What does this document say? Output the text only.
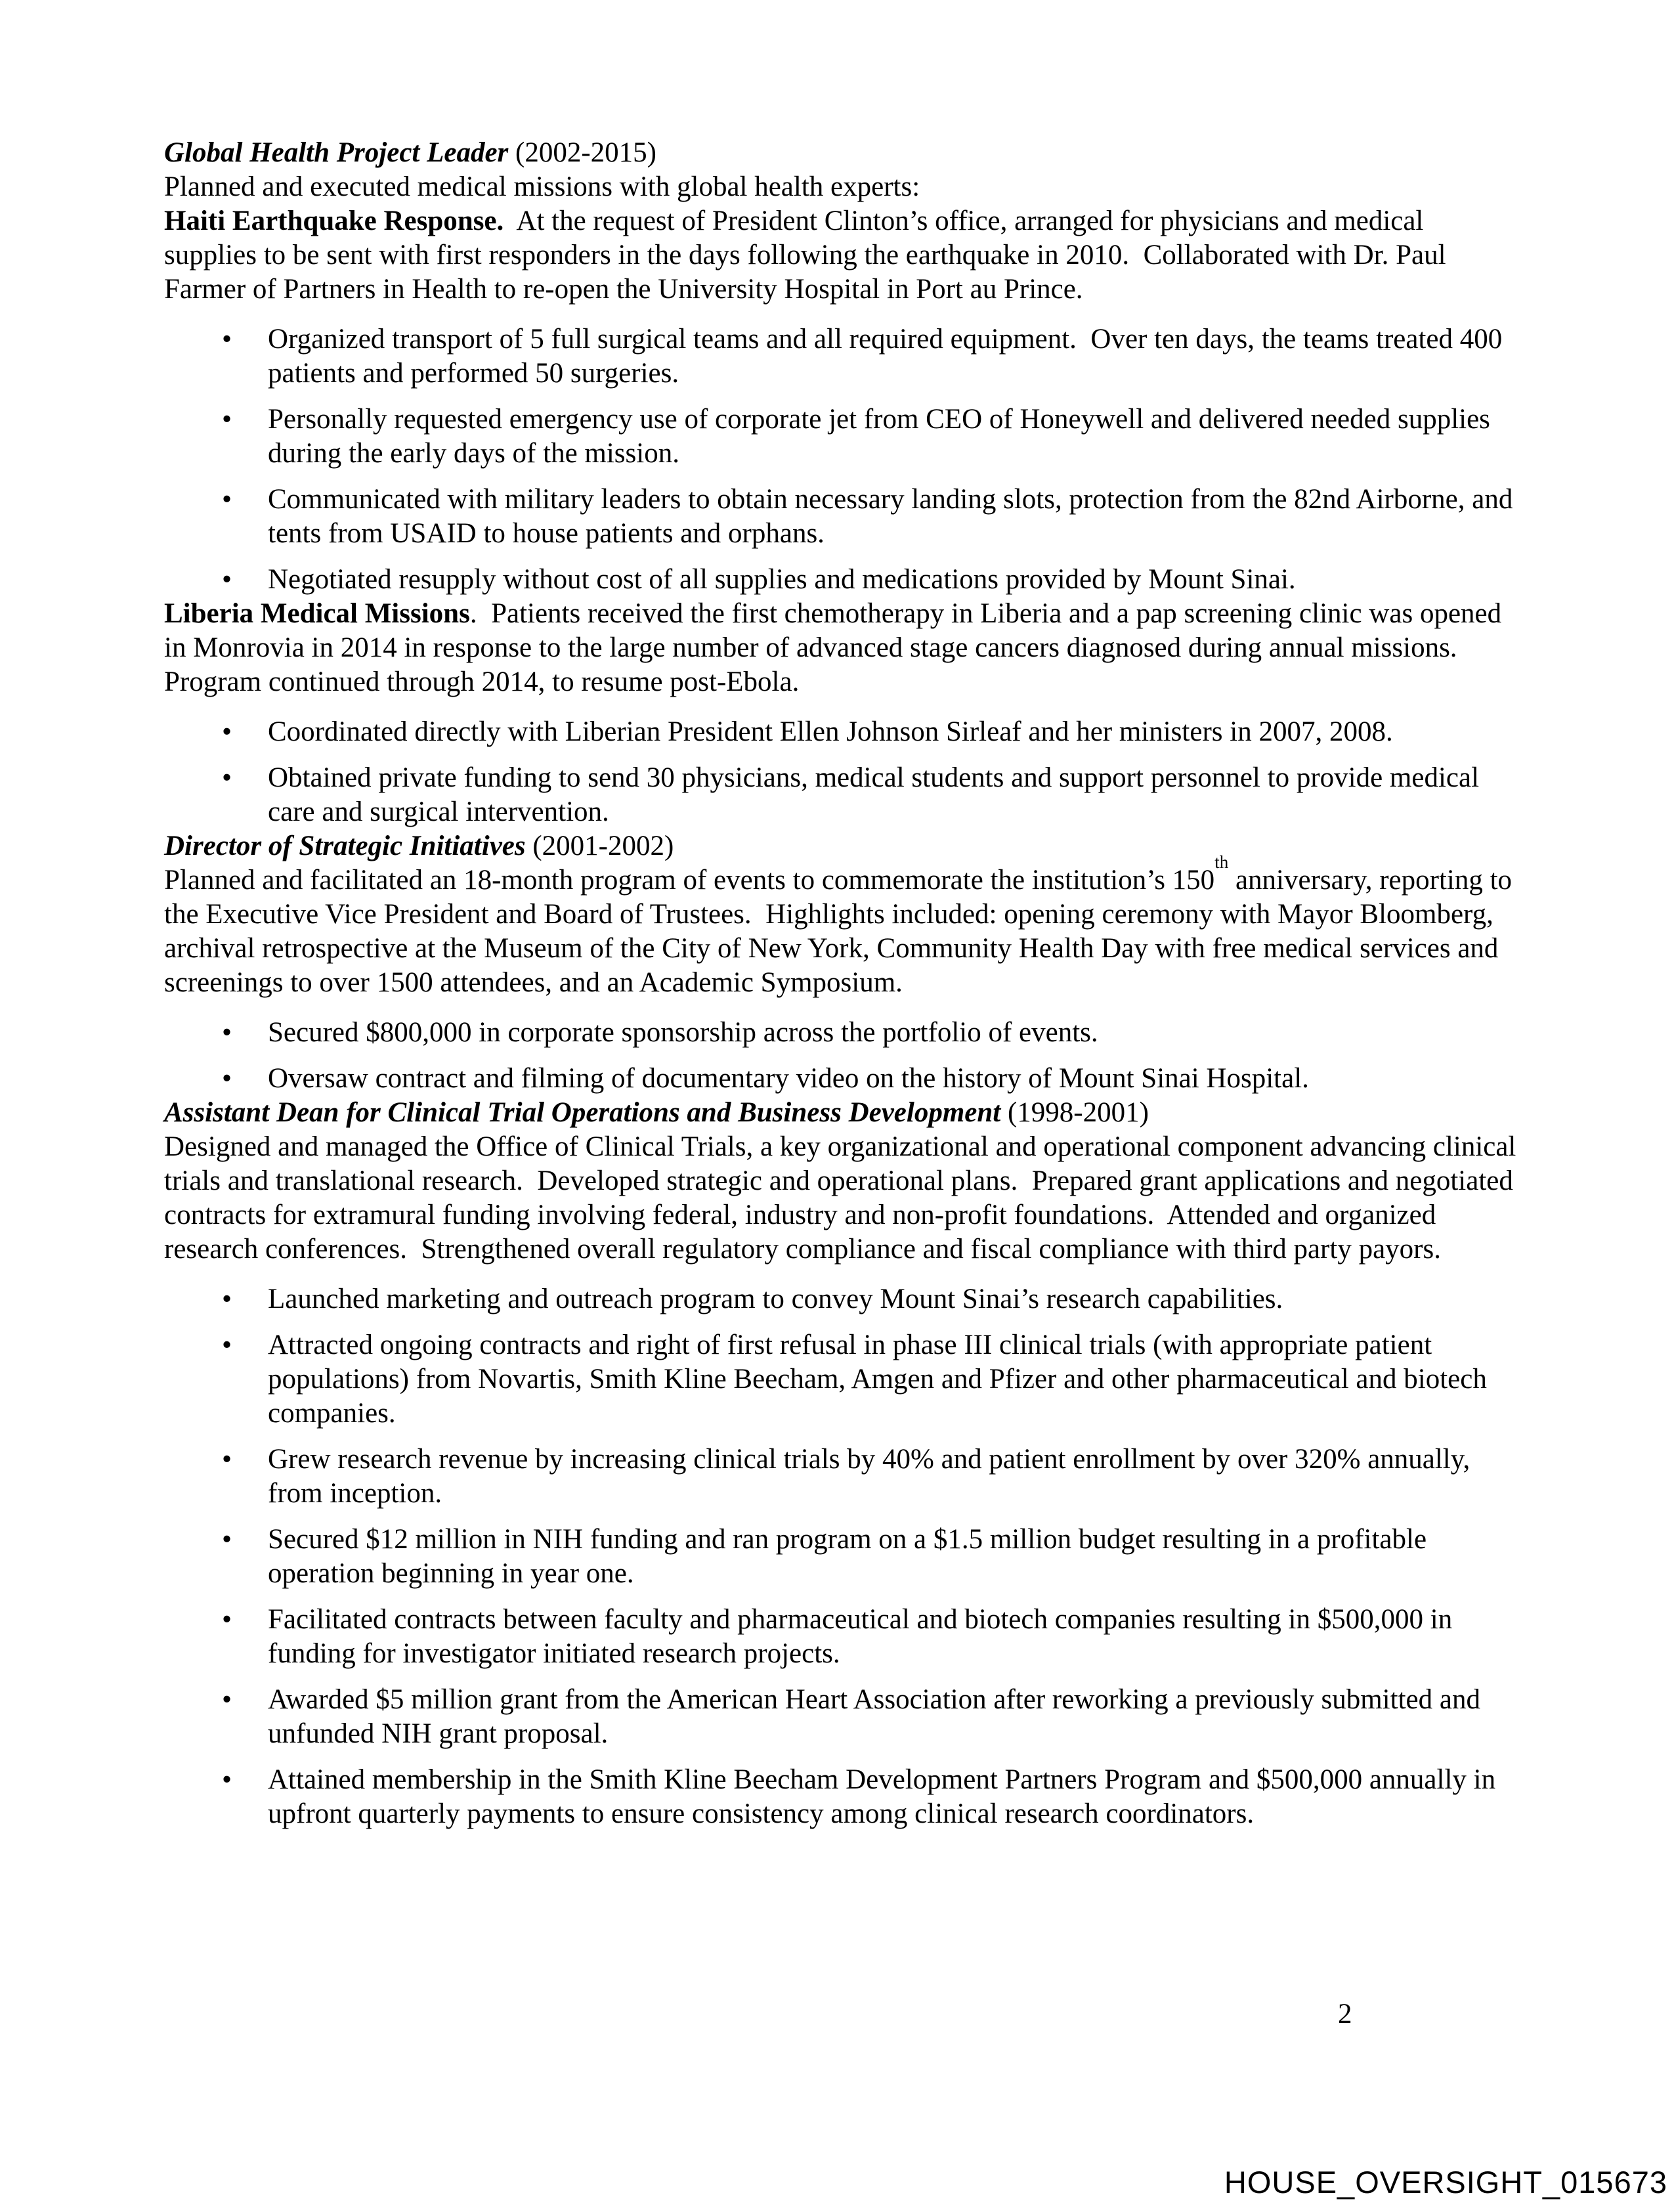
Global Health Project Leader (2002-2015)

Planned and executed medical missions with global health experts:

Haiti Earthquake Response.  At the request of President Clinton’s office, arranged for physicians and medical supplies to be sent with first responders in the days following the earthquake in 2010.  Collaborated with Dr. Paul Farmer of Partners in Health to re-open the University Hospital in Port au Prince.

• Organized transport of 5 full surgical teams and all required equipment.  Over ten days, the teams treated 400 patients and performed 50 surgeries.
• Personally requested emergency use of corporate jet from CEO of Honeywell and delivered needed supplies during the early days of the mission.
• Communicated with military leaders to obtain necessary landing slots, protection from the 82nd Airborne, and tents from USAID to house patients and orphans.
• Negotiated resupply without cost of all supplies and medications provided by Mount Sinai.

Liberia Medical Missions.  Patients received the first chemotherapy in Liberia and a pap screening clinic was opened in Monrovia in 2014 in response to the large number of advanced stage cancers diagnosed during annual missions.  Program continued through 2014, to resume post-Ebola.

• Coordinated directly with Liberian President Ellen Johnson Sirleaf and her ministers in 2007, 2008.
• Obtained private funding to send 30 physicians, medical students and support personnel to provide medical care and surgical intervention.

Director of Strategic Initiatives (2001-2002)

Planned and facilitated an 18-month program of events to commemorate the institution’s 150th anniversary, reporting to the Executive Vice President and Board of Trustees.  Highlights included: opening ceremony with Mayor Bloomberg, archival retrospective at the Museum of the City of New York, Community Health Day with free medical services and screenings to over 1500 attendees, and an Academic Symposium.

• Secured $800,000 in corporate sponsorship across the portfolio of events.
• Oversaw contract and filming of documentary video on the history of Mount Sinai Hospital.

Assistant Dean for Clinical Trial Operations and Business Development (1998-2001)

Designed and managed the Office of Clinical Trials, a key organizational and operational component advancing clinical trials and translational research.  Developed strategic and operational plans.  Prepared grant applications and negotiated contracts for extramural funding involving federal, industry and non-profit foundations.  Attended and organized research conferences.  Strengthened overall regulatory compliance and fiscal compliance with third party payors.

• Launched marketing and outreach program to convey Mount Sinai’s research capabilities.
• Attracted ongoing contracts and right of first refusal in phase III clinical trials (with appropriate patient populations) from Novartis, Smith Kline Beecham, Amgen and Pfizer and other pharmaceutical and biotech companies.
• Grew research revenue by increasing clinical trials by 40% and patient enrollment by over 320% annually, from inception.
• Secured $12 million in NIH funding and ran program on a $1.5 million budget resulting in a profitable operation beginning in year one.
• Facilitated contracts between faculty and pharmaceutical and biotech companies resulting in $500,000 in funding for investigator initiated research projects.
• Awarded $5 million grant from the American Heart Association after reworking a previously submitted and unfunded NIH grant proposal.
• Attained membership in the Smith Kline Beecham Development Partners Program and $500,000 annually in upfront quarterly payments to ensure consistency among clinical research coordinators.
2
HOUSE_OVERSIGHT_015673
